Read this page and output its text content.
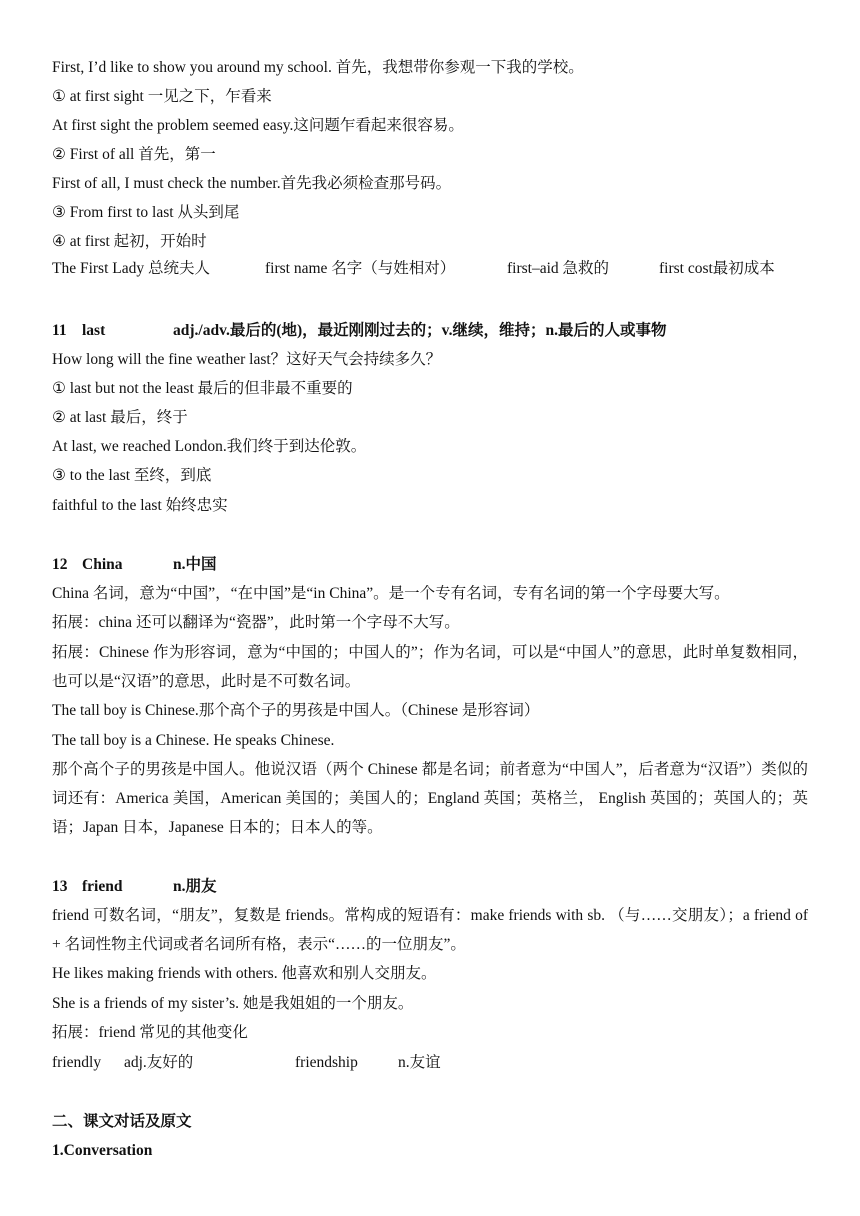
First, I’d like to show you around my school. 首先，我想带你参观一下我的学校。
① at first sight 一见之下，乍看来
At first sight the problem seemed easy.这问题乍看起来很容易。
② First of all 首先，第一
First of all, I must check the number.首先我必须检查那号码。
③ From first to last 从头到尾
④ at first 起初，开始时
The First Lady 总统夫人	first name 名字（与姓相对）	first–aid 急救的	first cost最初成本
11 last	adj./adv.最后的(地)，最近刚刚过去的；v.继续，维持；n.最后的人或事物
How long will the fine weather last？这好天气会持续多久？
① last but not the least 最后的但非最不重要的
② at last 最后，终于
At last, we reached London.我们终于到达伦敦。
③ to the last 至终，到底
faithful to the last 始终忠实
12 China	n.中国
China 名词，意为“中国”，“在中国”是“in China”。是一个专有名词，专有名词的第一个字母要大写。
拓展：china 还可以翻译为“瓷器”，此时第一个字母不大写。
拓展：Chinese 作为形容词，意为“中国的；中国人的”；作为名词，可以是“中国人”的意思，此时单复数相同，也可以是“汉语”的意思，此时是不可数名词。
The tall boy is Chinese.那个高个子的男孩是中国人。（Chinese 是形容词）
The tall boy is a Chinese. He speaks Chinese.
那个高个子的男孩是中国人。他说汉语（两个 Chinese 都是名词；前者意为“中国人”，后者意为“汉语”）类似的词还有：America 美国，American 美国的；美国人的；England 英国；英格兰， English 英国的；英国人的；英语；Japan 日本，Japanese 日本的；日本人的等。
13 friend	n.朋友
friend 可数名词，“朋友”，复数是 friends。常构成的短语有：make friends with sb. （与……交朋友）；a friend of + 名词性物主代词或者名词所有格，表示“……的一位朋友”。
He likes making friends with others. 他喜欢和别人交朋友。
She is a friends of my sister’s. 她是我姐姐的一个朋友。
拓展：friend 常见的其他变化
friendly adj.友好的	friendship	n.友谊
二、课文对话及原文
1.Conversation
